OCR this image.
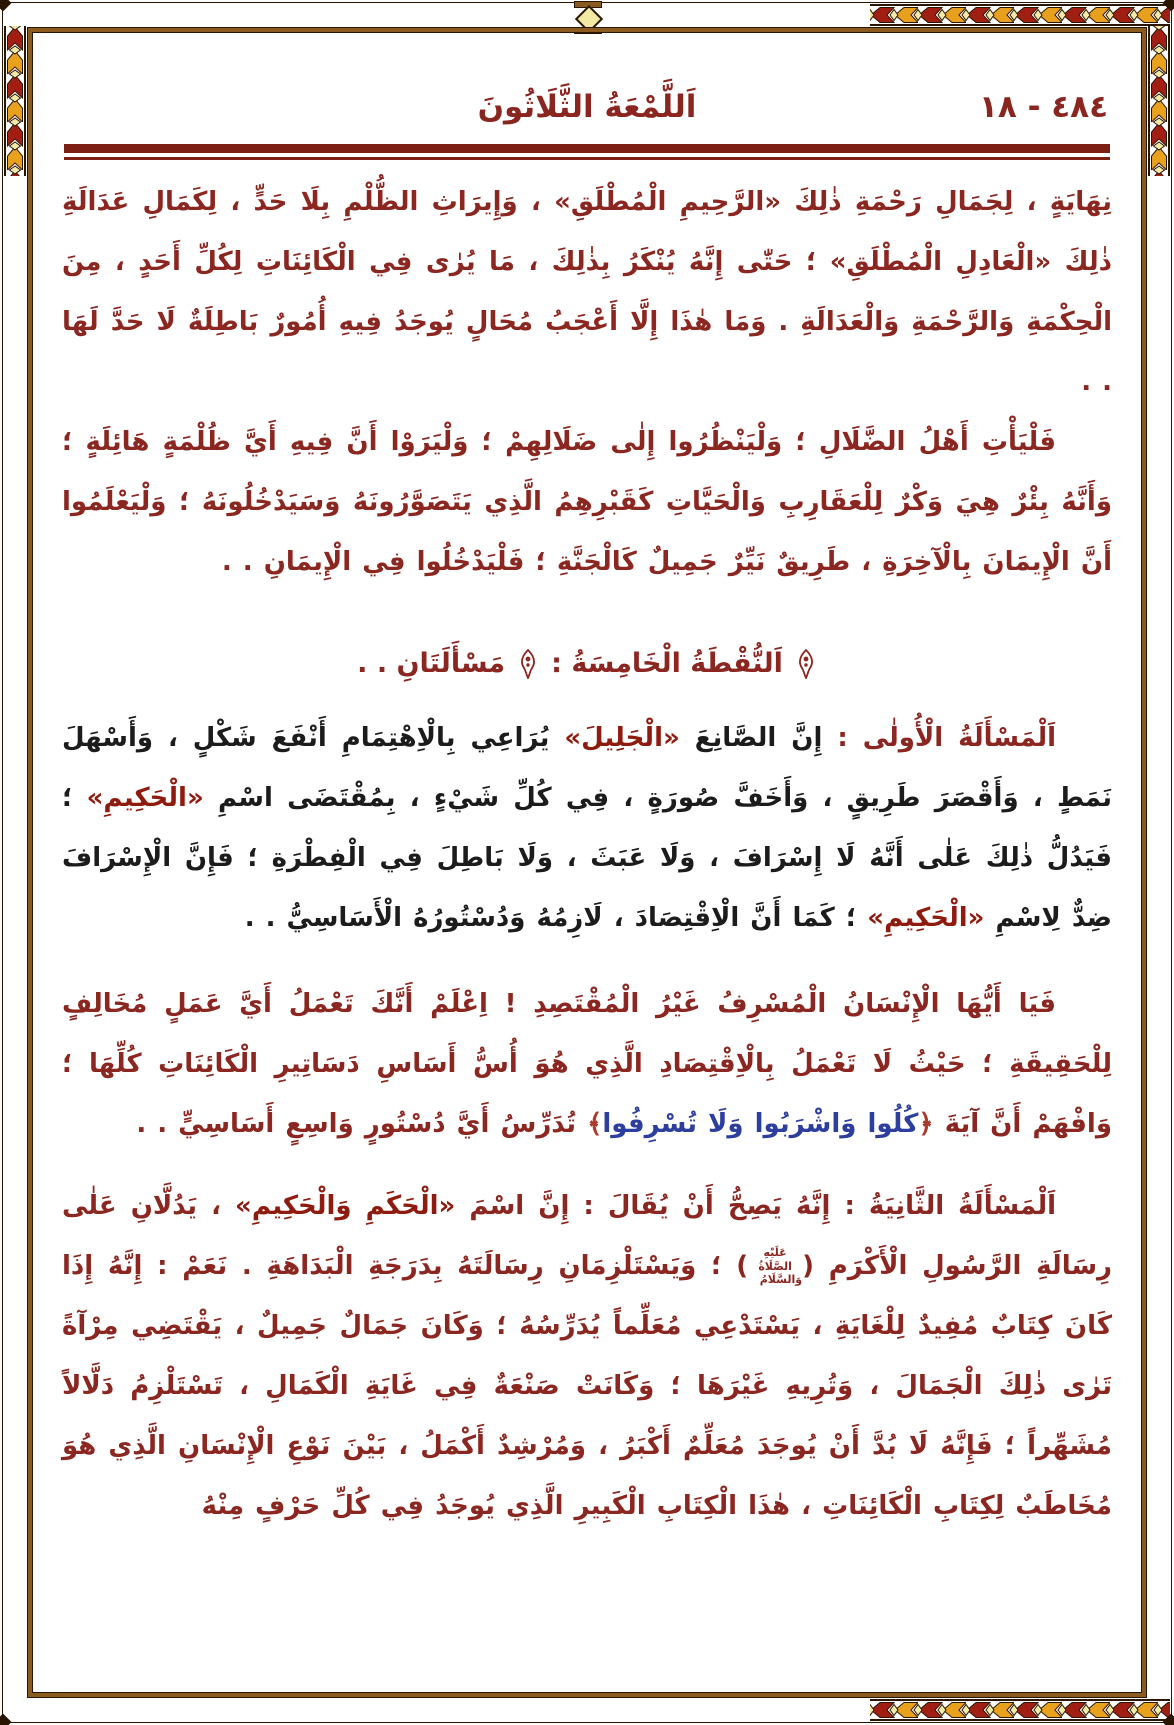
٤٨٤ - ١٨
اَللَّمْعَةُ الثَّلَاثُونَ

نِهَايَةٍ ، لِجَمَالِ رَحْمَةِ ذٰلِكَ «الرَّحِيمِ الْمُطْلَقِ» ، وَإِيرَاثِ الظُّلْمِ بِلَا حَدٍّ ، لِكَمَالِ عَدَالَةِ ذٰلِكَ «الْعَادِلِ الْمُطْلَقِ» ؛ حَتّٰى إِنَّهُ يُنْكَرُ بِذٰلِكَ ، مَا يُرٰى فِي الْكَائِنَاتِ لِكُلِّ أَحَدٍ ، مِنَ الْحِكْمَةِ وَالرَّحْمَةِ وَالْعَدَالَةِ . وَمَا هٰذَا إِلَّا أَعْجَبُ مُحَالٍ يُوجَدُ فِيهِ أُمُورٌ بَاطِلَةٌ لَا حَدَّ لَهَا . .

فَلْيَأْتِ أَهْلُ الضَّلَالِ ؛ وَلْيَنْظُرُوا إِلٰى ضَلَالِهِمْ ؛ وَلْيَرَوْا أَنَّ فِيهِ أَيَّ ظُلْمَةٍ هَائِلَةٍ ؛ وَأَنَّهُ بِئْرٌ هِيَ وَكْرٌ لِلْعَقَارِبِ وَالْحَيَّاتِ كَقَبْرِهِمُ الَّذِي يَتَصَوَّرُونَهُ وَسَيَدْخُلُونَهُ ؛ وَلْيَعْلَمُوا أَنَّ الْإِيمَانَ بِالْآخِرَةِ ، طَرِيقٌ نَيِّرٌ جَمِيلٌ كَالْجَنَّةِ ؛ فَلْيَدْخُلُوا فِي الْإِيمَانِ . .

اَلنُّقْطَةُ الْخَامِسَةُ :
مَسْأَلَتَانِ . .

اَلْمَسْأَلَةُ الْأُولٰى : إِنَّ الصَّانِعَ «الْجَلِيلَ» يُرَاعِي بِالْاِهْتِمَامِ أَنْفَعَ شَكْلٍ ، وَأَسْهَلَ نَمَطٍ ، وَأَقْصَرَ طَرِيقٍ ، وَأَخَفَّ صُورَةٍ ، فِي كُلِّ شَيْءٍ ، بِمُقْتَضَى اسْمِ «الْحَكِيمِ» ؛ فَيَدُلُّ ذٰلِكَ عَلٰى أَنَّهُ لَا إِسْرَافَ ، وَلَا عَبَثَ ، وَلَا بَاطِلَ فِي الْفِطْرَةِ ؛ فَإِنَّ الْإِسْرَافَ ضِدٌّ لِاسْمِ «الْحَكِيمِ» ؛ كَمَا أَنَّ الْاِقْتِصَادَ ، لَازِمُهُ وَدُسْتُورُهُ الْأَسَاسِيُّ . .

فَيَا أَيُّهَا الْإِنْسَانُ الْمُسْرِفُ غَيْرُ الْمُقْتَصِدِ ! اِعْلَمْ أَنَّكَ تَعْمَلُ أَيَّ عَمَلٍ مُخَالِفٍ لِلْحَقِيقَةِ ؛ حَيْثُ لَا تَعْمَلُ بِالْاِقْتِصَادِ الَّذِي هُوَ أُسُّ أَسَاسِ دَسَاتِيرِ الْكَائِنَاتِ كُلِّهَا ؛ وَافْهَمْ أَنَّ آيَةَ ﴿كُلُوا وَاشْرَبُوا وَلَا تُسْرِفُوا﴾ تُدَرِّسُ أَيَّ دُسْتُورٍ وَاسِعٍ أَسَاسِيٍّ . .

اَلْمَسْأَلَةُ الثَّانِيَةُ : إِنَّهُ يَصِحُّ أَنْ يُقَالَ : إِنَّ اسْمَ «الْحَكَمِ وَالْحَكِيمِ» ، يَدُلَّانِ عَلٰى رِسَالَةِ الرَّسُولِ الْأَكْرَمِ (عَلَيْهِ الصَّلَاةُ وَالسَّلَامُ) ؛ وَيَسْتَلْزِمَانِ رِسَالَتَهُ بِدَرَجَةِ الْبَدَاهَةِ . نَعَمْ : إِنَّهُ إِذَا كَانَ كِتَابٌ مُفِيدٌ لِلْغَايَةِ ، يَسْتَدْعِي مُعَلِّماً يُدَرِّسُهُ ؛ وَكَانَ جَمَالٌ جَمِيلٌ ، يَقْتَضِي مِرْآةً تَرٰى ذٰلِكَ الْجَمَالَ ، وَتُرِيهِ غَيْرَهَا ؛ وَكَانَتْ صَنْعَةٌ فِي غَايَةِ الْكَمَالِ ، تَسْتَلْزِمُ دَلَّالاً مُشَهِّراً ؛ فَإِنَّهُ لَا بُدَّ أَنْ يُوجَدَ مُعَلِّمٌ أَكْبَرُ ، وَمُرْشِدٌ أَكْمَلُ ، بَيْنَ نَوْعِ الْإِنْسَانِ الَّذِي هُوَ مُخَاطَبٌ لِكِتَابِ الْكَائِنَاتِ ، هٰذَا الْكِتَابِ الْكَبِيرِ الَّذِي يُوجَدُ فِي كُلِّ حَرْفٍ مِنْهُ
